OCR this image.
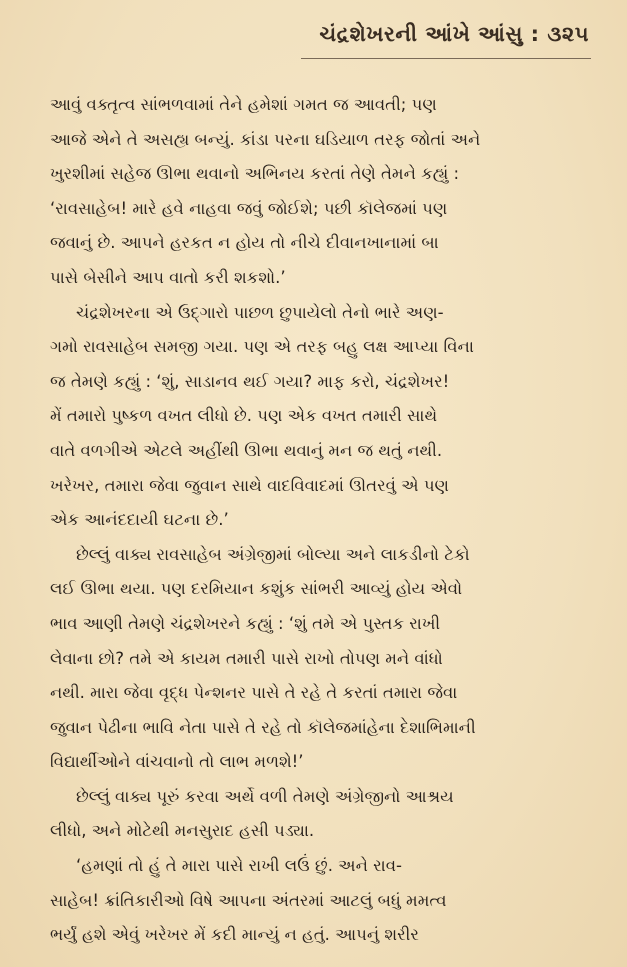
ચંદ્રશેખરની આંખે આંસુ : ૩૨૫

આવું વક્તૃત્વ સાંભળવામાં તેને હમેશાં ગમત જ આવતી; પણ
આજે એને તે અસહ્ય બન્યું. કાંડા પરના ઘડિયાળ તરફ જોતાં અને
ખુરશીમાં સહેજ ઊભા થવાનો અભિનય કરતાં તેણે તેમને કહ્યું :
‘રાવસાહેબ! મારે હવે નાહવા જવું જોઈશે; પછી કૉલેજમાં પણ
જવાનું છે. આપને હરકત ન હોય તો નીચે દીવાનખાનામાં બા
પાસે બેસીને આપ વાતો કરી શકશો.’

ચંદ્રશેખરના એ ઉદ્ગારો પાછળ છુપાયેલો તેનો ભારે અણ-
ગમો રાવસાહેબ સમજી ગયા. પણ એ તરફ બહુ લક્ષ આપ્યા વિના
જ તેમણે કહ્યું : ‘શું, સાડાનવ થઈ ગયા? માફ કરો, ચંદ્રશેખર!
મેં તમારો પુષ્કળ વખત લીધો છે. પણ એક વખત તમારી સાથે
વાતે વળગીએ એટલે અહીંથી ઊભા થવાનું મન જ થતું નથી.
ખરેખર, તમારા જેવા જુવાન સાથે વાદવિવાદમાં ઊતરવું એ પણ
એક આનંદદાયી ઘટના છે.’

છેલ્લું વાક્ય રાવસાહેબ અંગ્રેજીમાં બોલ્યા અને લાકડીનો ટેકો
લઈ ઊભા થયા. પણ દરમિયાન કશુંક સાંભરી આવ્યું હોય એવો
ભાવ આણી તેમણે ચંદ્રશેખરને કહ્યું : ‘શું તમે એ પુસ્તક રાખી
લેવાના છો? તમે એ કાયમ તમારી પાસે રાખો તોપણ મને વાંધો
નથી. મારા જેવા વૃદ્ધ પેન્શનર પાસે તે રહે તે કરતાં તમારા જેવા
જુવાન પેઢીના ભાવિ નેતા પાસે તે રહે તો કૉલેજમાંહેના દેશાભિમાની
વિદ્યાર્થીઓને વાંચવાનો તો લાભ મળશે!’

છેલ્લું વાક્ય પૂરું કરવા અર્થે વળી તેમણે અંગ્રેજીનો આશ્રય
લીધો, અને મોટેથી મનસુરાદ હસી પડ્યા.

‘હમણાં તો હું તે મારા પાસે રાખી લઉં છું. અને રાવ-
સાહેબ! ક્રાંતિકારીઓ વિષે આપના અંતરમાં આટલું બધું મમત્વ
ભર્યું હશે એવું ખરેખર મેં કદી માન્યું ન હતું. આપનું શરીર
